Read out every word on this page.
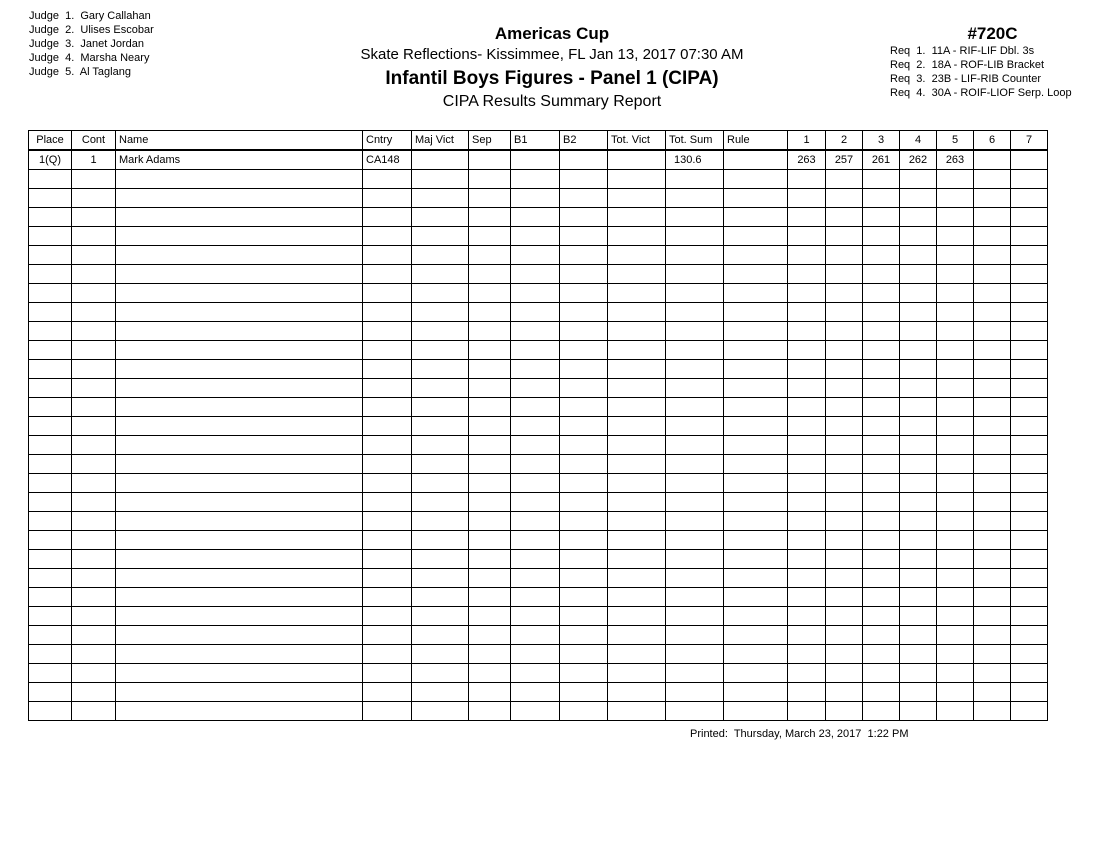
Judge  1.  Gary Callahan
Judge  2.  Ulises Escobar
Judge  3.  Janet Jordan
Judge  4.  Marsha Neary
Judge  5.  Al Taglang
Americas Cup
Skate Reflections- Kissimmee, FL Jan 13, 2017 07:30 AM
Infantil Boys Figures - Panel 1 (CIPA)
CIPA Results Summary Report
#720C
Req  1.  11A - RIF-LIF Dbl. 3s
Req  2.  18A - ROF-LIB Bracket
Req  3.  23B - LIF-RIB Counter
Req  4.  30A - ROIF-LIOF Serp. Loop
Place	Cont	Name	Cntry	Maj Vict	Sep	B1	B2	Tot. Vict	Tot. Sum	Rule	1	2	3	4	5	6	7
1(Q)	1	Mark Adams	CA148						130.6		263	257	261	262	263		

Printed:  Thursday, March 23, 2017  1:22 PM
